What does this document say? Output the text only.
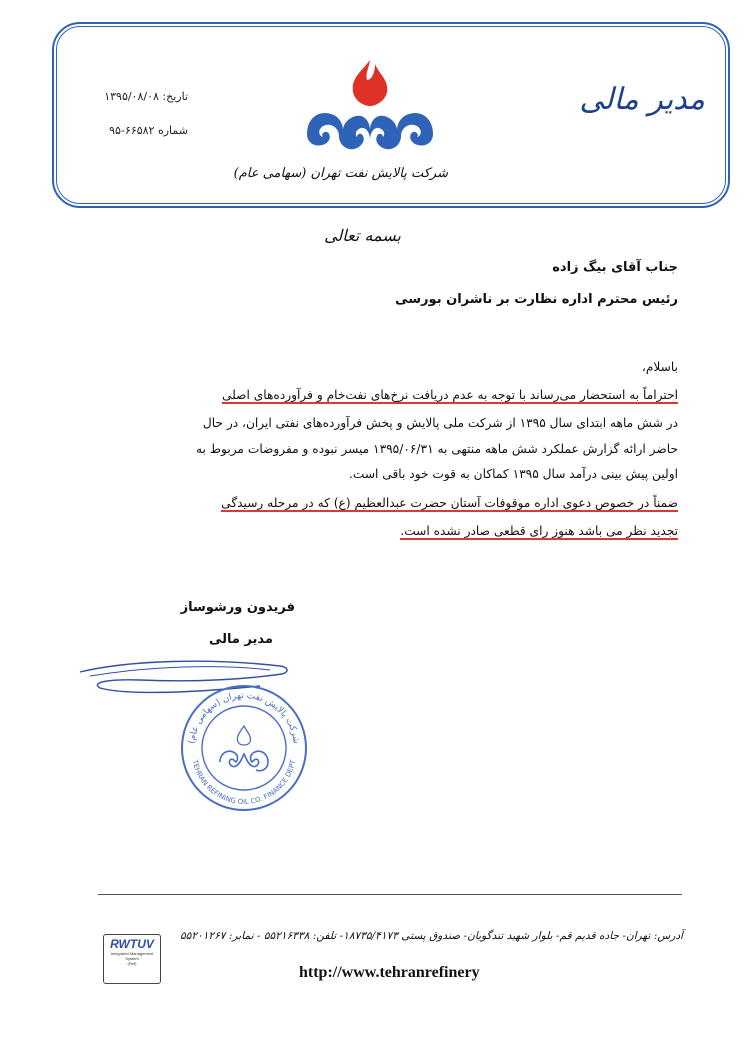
مدیر مالی
شرکت پالایش نفت تهران (سهامی عام)
تاریخ: ۱۳۹۵/۰۸/۰۸
شماره ۶۶۵۸۲-۹۵
بسمه تعالی
جناب آقای بیگ زاده
رئیس محترم اداره نظارت بر ناشران بورسی
باسلام،
احتراماً به استحضار می‌رساند با توجه به عدم دریافت نرخ‌های نفت‌خام و فرآورده‌های اصلی
در شش ماهه ابتدای سال ۱۳۹۵ از شرکت ملی پالایش و پخش فرآورده‌های نفتی ایران، در حال
حاضر ارائه گزارش عملکرد شش ماهه منتهی به ۱۳۹۵/۰۶/۳۱ میسر نبوده و مفروضات مربوط به
اولین پیش بینی درآمد سال ۱۳۹۵ کماکان به قوت خود باقی است.
ضمناً در خصوص دعوی اداره موقوفات آستان حضرت عبدالعظیم (ع) که در مرحله رسیدگی
تجدید نظر می باشد هنوز رای قطعی صادر نشده است.
فریدون ورشوساز
مدیر مالی
شرکت پالایش نفت تهران (سهامی عام)
TEHRAN REFINING OIL CO. FINANCE DEPT
آدرس: تهران- جاده قدیم قم- بلوار شهید تندگویان- صندوق پستی ۱۸۷۳۵/۴۱۷۳- تلفن: ۵۵۲۱۶۳۳۸ - نمابر: ۵۵۲۰۱۲۶۷
http://www.tehranrefinery
RWTUV
Integrated Management
System
(Ref)
